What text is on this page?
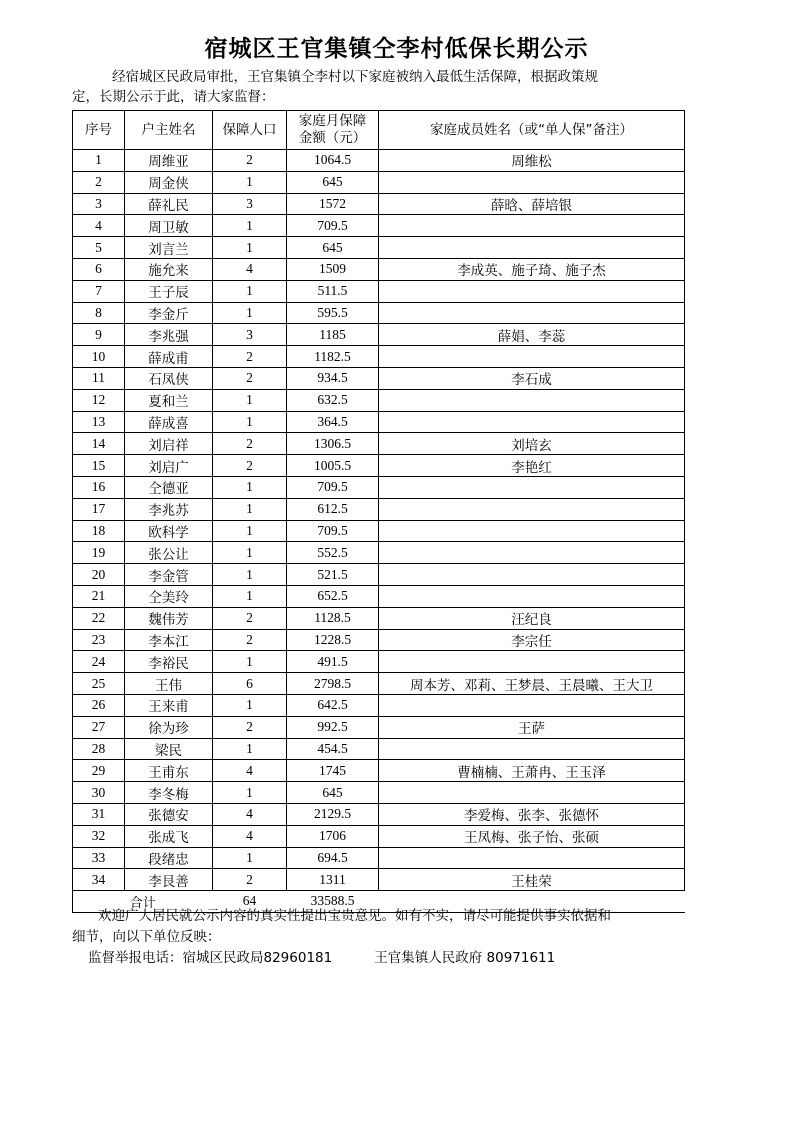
宿城区王官集镇仝李村低保长期公示
经宿城区民政局审批，王官集镇仝李村以下家庭被纳入最低生活保障，根据政策规
定，长期公示于此，请大家监督：
序号	户主姓名	保障人口	家庭月保障
金额（元）	家庭成员姓名（或“单人保”备注）
1	周维亚	2	1064.5	周维松
2	周金侠	1	645	
3	薛礼民	3	1572	薛晗、薛培银
4	周卫敏	1	709.5	
5	刘言兰	1	645	
6	施允来	4	1509	李成英、施子琦、施子杰
7	王子辰	1	511.5	
8	李金斤	1	595.5	
9	李兆强	3	1185	薛娟、李蕊
10	薛成甫	2	1182.5	
11	石凤侠	2	934.5	李石成
12	夏和兰	1	632.5	
13	薛成喜	1	364.5	
14	刘启祥	2	1306.5	刘培玄
15	刘启广	2	1005.5	李艳红
16	仝德亚	1	709.5	
17	李兆苏	1	612.5	
18	欧科学	1	709.5	
19	张公让	1	552.5	
20	李金管	1	521.5	
21	仝美玲	1	652.5	
22	魏伟芳	2	1128.5	汪纪良
23	李本江	2	1228.5	李宗任
24	李裕民	1	491.5	
25	王伟	6	2798.5	周本芳、邓莉、王梦晨、王晨曦、王大卫
26	王来甫	1	642.5	
27	徐为珍	2	992.5	王萨
28	梁民	1	454.5	
29	王甫东	4	1745	曹楠楠、王萧冉、王玉泽
30	李冬梅	1	645	
31	张德安	4	2129.5	李爱梅、张李、张德怀
32	张成飞	4	1706	王凤梅、张子怡、张硕
33	段绪忠	1	694.5	
34	李艮善	2	1311	王桂荣
合计		64	33588.5	
欢迎广大居民就公示内容的真实性提出宝贵意见。如有不实，请尽可能提供事实依据和
细节，向以下单位反映：
监督举报电话：宿城区民政局82960181	王官集镇人民政府 80971611
